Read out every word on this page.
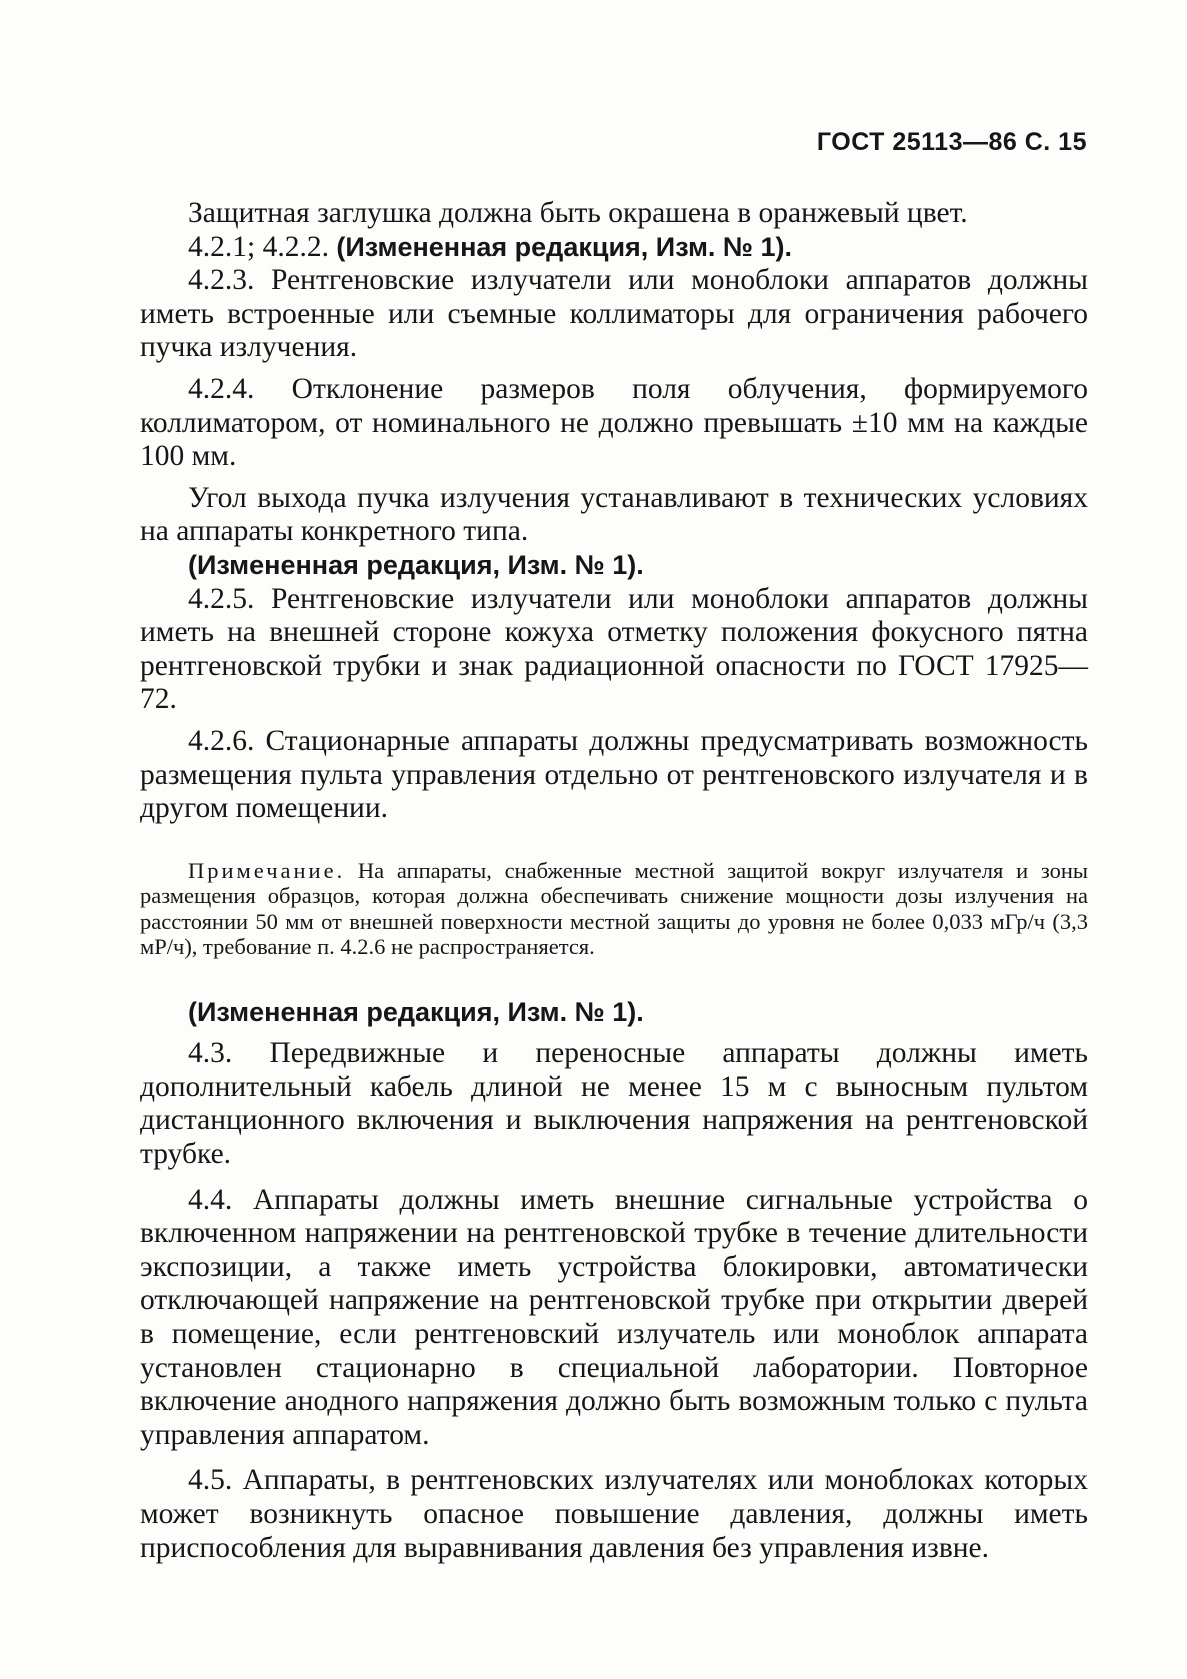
ГОСТ 25113—86 С. 15

Защитная заглушка должна быть окрашена в оранжевый цвет.

4.2.1; 4.2.2. (Измененная редакция, Изм. № 1).

4.2.3. Рентгеновские излучатели или моноблоки аппаратов должны иметь встроенные или съемные коллиматоры для ограничения рабочего пучка излучения.

4.2.4. Отклонение размеров поля облучения, формируемого коллиматором, от номинального не должно превышать ±10 мм на каждые 100 мм.

Угол выхода пучка излучения устанавливают в технических условиях на аппараты конкретного типа.

(Измененная редакция, Изм. № 1).

4.2.5. Рентгеновские излучатели или моноблоки аппаратов должны иметь на внешней стороне кожуха отметку положения фокусного пятна рентгеновской трубки и знак радиационной опасности по ГОСТ 17925—72.

4.2.6. Стационарные аппараты должны предусматривать возможность размещения пульта управления отдельно от рентгеновского излучателя и в другом помещении.

Примечание. На аппараты, снабженные местной защитой вокруг излучателя и зоны размещения образцов, которая должна обеспечивать снижение мощности дозы излучения на расстоянии 50 мм от внешней поверхности местной защиты до уровня не более 0,033 мГр/ч (3,3 мР/ч), требование п. 4.2.6 не распространяется.

(Измененная редакция, Изм. № 1).

4.3. Передвижные и переносные аппараты должны иметь дополнительный кабель длиной не менее 15 м с выносным пультом дистанционного включения и выключения напряжения на рентгеновской трубке.

4.4. Аппараты должны иметь внешние сигнальные устройства о включенном напряжении на рентгеновской трубке в течение длительности экспозиции, а также иметь устройства блокировки, автоматически отключающей напряжение на рентгеновской трубке при открытии дверей в помещение, если рентгеновский излучатель или моноблок аппарата установлен стационарно в специальной лаборатории. Повторное включение анодного напряжения должно быть возможным только с пульта управления аппаратом.

4.5. Аппараты, в рентгеновских излучателях или моноблоках которых может возникнуть опасное повышение давления, должны иметь приспособления для выравнивания давления без управления извне.
